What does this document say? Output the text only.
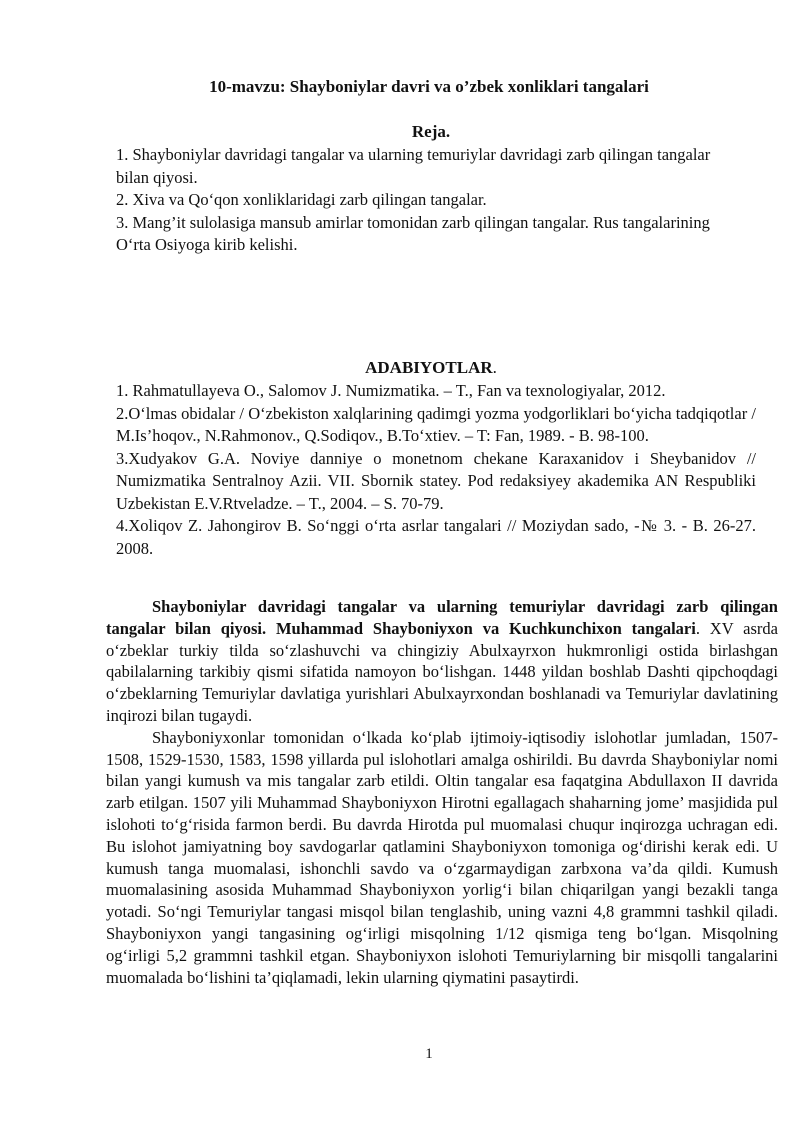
10-mavzu: Shayboniylar davri va o’zbek xonliklari tangalari
Reja.

1. Shayboniylar davridagi tangalar va ularning temuriylar davridagi zarb qilingan tangalar bilan qiyosi.

2. Xiva va Qo‘qon xonliklaridagi zarb qilingan tangalar.

3. Mang’it sulolasiga mansub amirlar tomonidan zarb qilingan tangalar. Rus tangalarining O‘rta Osiyoga kirib kelishi.

ADABIYOTLAR.

1. Rahmatullayeva O., Salomov J. Numizmatika. – T., Fan va texnologiyalar, 2012.

2.O‘lmas obidalar / O‘zbekiston xalqlarining qadimgi yozma yodgorliklari bo‘yicha tadqiqotlar / M.Is’hoqov., N.Rahmonov., Q.Sodiqov., B.To‘xtiev. – T: Fan, 1989. - B. 98-100.

3.Xudyakov G.A. Noviye danniye o monetnom chekane Karaxanidov i Sheybanidov // Numizmatika Sentralnoy Azii. VII. Sbornik statey. Pod redaksiyey akademika AN Respubliki Uzbekistan E.V.Rtveladze. – T., 2004. – S. 70-79.

4.Xoliqov Z. Jahongirov B. So‘nggi o‘rta asrlar tangalari // Moziydan sado, -№ 3. - B. 26-27. 2008.

Shayboniylar davridagi tangalar va ularning temuriylar davridagi zarb qilingan tangalar bilan qiyosi. Muhammad Shayboniyxon va Kuchkunchixon tangalari. XV asrda o‘zbeklar turkiy tilda so‘zlashuvchi va chingiziy Abulxayrxon hukmronligi ostida birlashgan qabilalarning tarkibiy qismi sifatida namoyon bo‘lishgan. 1448 yildan boshlab Dashti qipchoqdagi o‘zbeklarning Temuriylar davlatiga yurishlari Abulxayrxondan boshlanadi va Temuriylar davlatining inqirozi bilan tugaydi.

Shayboniyxonlar tomonidan o‘lkada ko‘plab ijtimoiy-iqtisodiy islohotlar jumladan, 1507-1508, 1529-1530, 1583, 1598 yillarda pul islohotlari amalga oshirildi. Bu davrda Shayboniylar nomi bilan yangi kumush va mis tangalar zarb etildi. Oltin tangalar esa faqatgina Abdullaxon II davrida zarb etilgan. 1507 yili Muhammad Shayboniyxon Hirotni egallagach shaharning jome’ masjidida pul islohoti to‘g‘risida farmon berdi. Bu davrda Hirotda pul muomalasi chuqur inqirozga uchragan edi. Bu islohot jamiyatning boy savdogarlar qatlamini Shayboniyxon tomoniga og‘dirishi kerak edi. U kumush tanga muomalasi, ishonchli savdo va o‘zgarmaydigan zarbxona va’da qildi. Kumush muomalasining asosida Muhammad Shayboniyxon yorlig‘i bilan chiqarilgan yangi bezakli tanga yotadi. So‘ngi Temuriylar tangasi misqol bilan tenglashib, uning vazni 4,8 grammni tashkil qiladi. Shayboniyxon yangi tangasining og‘irligi misqolning 1/12 qismiga teng bo‘lgan. Misqolning og‘irligi 5,2 grammni tashkil etgan. Shayboniyxon islohoti Temuriylarning bir misqolli tangalarini muomalada bo‘lishini ta’qiqlamadi, lekin ularning qiymatini pasaytirdi.

1
